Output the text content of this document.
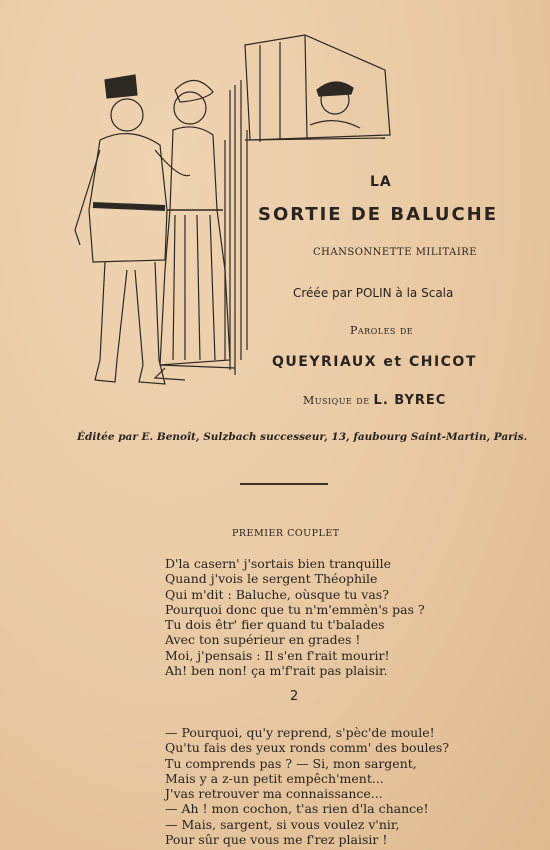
LA
SORTIE DE BALUCHE
CHANSONNETTE MILITAIRE
Créée par POLIN à la Scala
Paroles de
QUEYRIAUX et CHICOT
Musique de L. BYREC
Éditée par E. Benoît, Sulzbach successeur, 13, faubourg Saint-Martin, Paris.
PREMIER COUPLET
D'la casern' j'sortais bien tranquille
Quand j'vois le sergent Théophile
Qui m'dit : Baluche, oùsque tu vas?
Pourquoi donc que tu n'm'emmèn's pas ?
Tu dois êtr' fier quand tu t'balades
Avec ton supérieur en grades !
Moi, j'pensais : Il s'en f'rait mourir!
Ah! ben non! ça m'f'rait pas plaisir.
2
— Pourquoi, qu'y reprend, s'pèc'de moule!
Qu'tu fais des yeux ronds comm' des boules?
Tu comprends pas ? — Si, mon sargent,
Mais y a z-un petit empêch'ment...
J'vas retrouver ma connaissance...
— Ah ! mon cochon, t'as rien d'la chance!
— Mais, sargent, si vous voulez v'nir,
Pour sûr que vous me f'rez plaisir !
